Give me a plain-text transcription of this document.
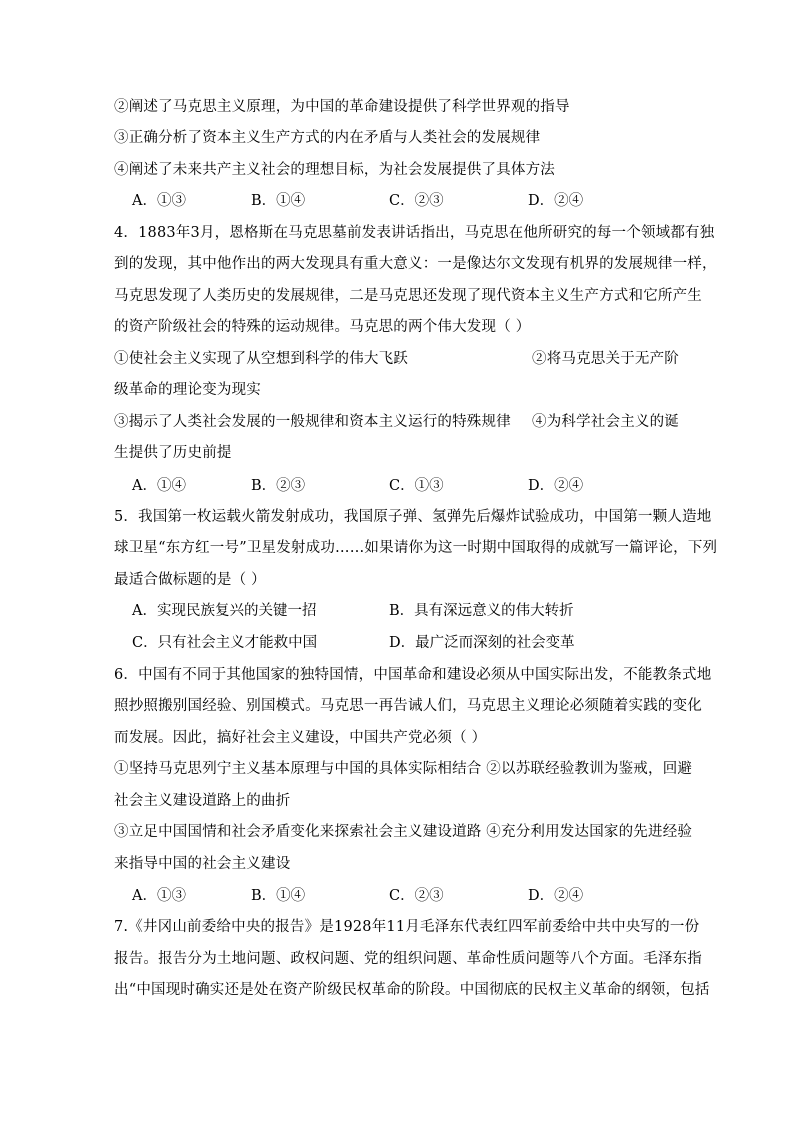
②阐述了马克思主义原理，为中国的革命建设提供了科学世界观的指导
③正确分析了资本主义生产方式的内在矛盾与人类社会的发展规律
④阐述了未来共产主义社会的理想目标，为社会发展提供了具体方法
A．①③	B．①④	C．②③	D．②④
4．1883年3月，恩格斯在马克思墓前发表讲话指出，马克思在他所研究的每一个领域都有独
到的发现，其中他作出的两大发现具有重大意义：一是像达尔文发现有机界的发展规律一样，
马克思发现了人类历史的发展规律，二是马克思还发现了现代资本主义生产方式和它所产生
的资产阶级社会的特殊的运动规律。马克思的两个伟大发现（ ）
①使社会主义实现了从空想到科学的伟大飞跃	②将马克思关于无产阶
级革命的理论变为现实
③揭示了人类社会发展的一般规律和资本主义运行的特殊规律 ④为科学社会主义的诞
生提供了历史前提
A．①④	B．②③	C．①③	D．②④
5．我国第一枚运载火箭发射成功，我国原子弹、氢弹先后爆炸试验成功，中国第一颗人造地
球卫星“东方红一号”卫星发射成功……如果请你为这一时期中国取得的成就写一篇评论，下列
最适合做标题的是（ ）
A．实现民族复兴的关键一招	B．具有深远意义的伟大转折
C．只有社会主义才能救中国	D．最广泛而深刻的社会变革
6．中国有不同于其他国家的独特国情，中国革命和建设必须从中国实际出发，不能教条式地
照抄照搬别国经验、别国模式。马克思一再告诫人们，马克思主义理论必须随着实践的变化
而发展。因此，搞好社会主义建设，中国共产党必须（ ）
①坚持马克思列宁主义基本原理与中国的具体实际相结合 ②以苏联经验教训为鉴戒，回避
社会主义建设道路上的曲折
③立足中国国情和社会矛盾变化来探索社会主义建设道路 ④充分利用发达国家的先进经验
来指导中国的社会主义建设
A．①③	B．①④	C．②③	D．②④
7.《井冈山前委给中央的报告》是1928年11月毛泽东代表红四军前委给中共中央写的一份
报告。报告分为土地问题、政权问题、党的组织问题、革命性质问题等八个方面。毛泽东指
出“中国现时确实还是处在资产阶级民权革命的阶段。中国彻底的民权主义革命的纲领，包括
